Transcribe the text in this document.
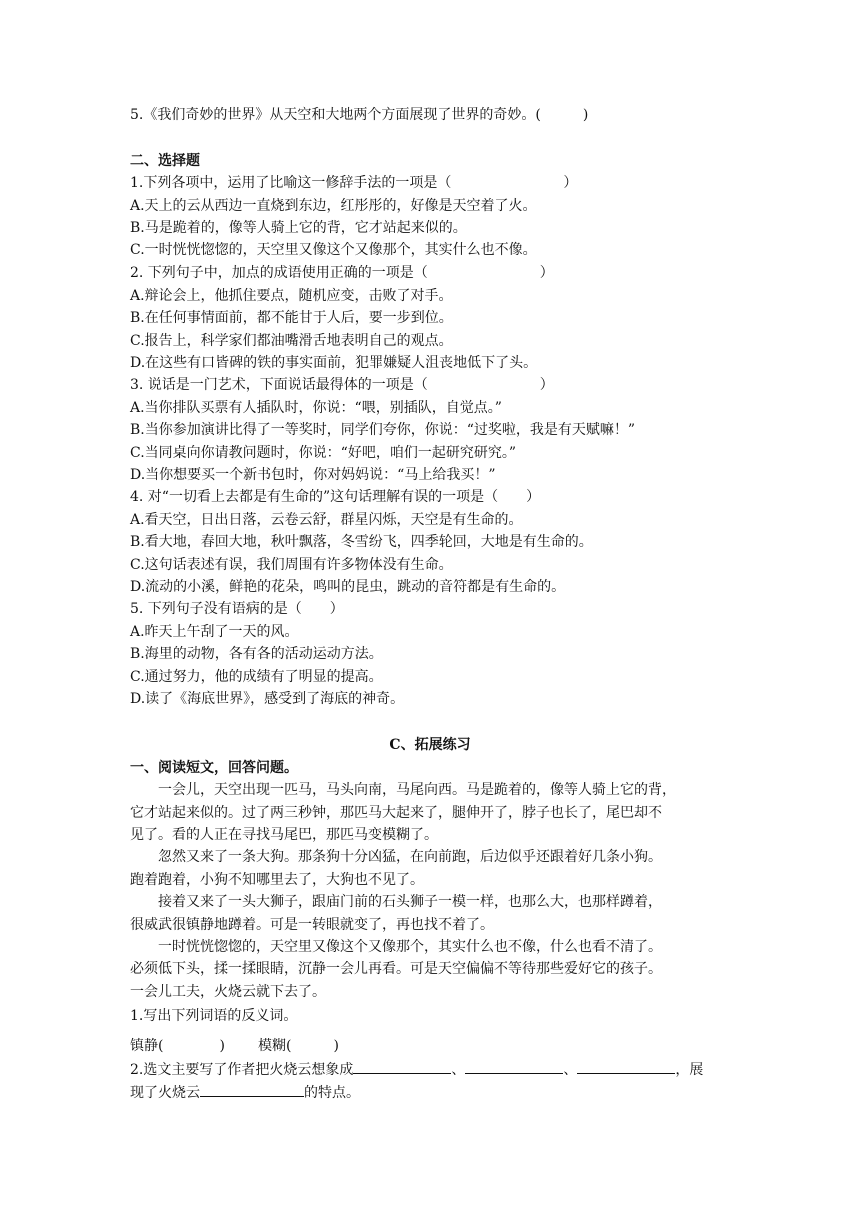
5.《我们奇妙的世界》从天空和大地两个方面展现了世界的奇妙。(　　　)
二、选择题
1.下列各项中，运用了比喻这一修辞手法的一项是（　　　　　　　　）
A.天上的云从西边一直烧到东边，红彤彤的，好像是天空着了火。
B.马是跪着的，像等人骑上它的背，它才站起来似的。
C.一时恍恍惚惚的，天空里又像这个又像那个，其实什么也不像。
2. 下列句子中，加点的成语使用正确的一项是（　　　　　　　　）
A.辩论会上，他抓住要点，随机应变，击败了对手。
B.在任何事情面前，都不能甘于人后，要一步到位。
C.报告上，科学家们都油嘴滑舌地表明自己的观点。
D.在这些有口皆碑的铁的事实面前，犯罪嫌疑人沮丧地低下了头。
3. 说话是一门艺术，下面说话最得体的一项是（　　　　　　　　）
A.当你排队买票有人插队时，你说：“喂，别插队，自觉点。”
B.当你参加演讲比得了一等奖时，同学们夸你，你说：“过奖啦，我是有天赋嘛！”
C.当同桌向你请教问题时，你说：“好吧，咱们一起研究研究。”
D.当你想要买一个新书包时，你对妈妈说：“马上给我买！”
4. 对“一切看上去都是有生命的”这句话理解有误的一项是（　　）
A.看天空，日出日落，云卷云舒，群星闪烁，天空是有生命的。
B.看大地，春回大地，秋叶飘落，冬雪纷飞，四季轮回，大地是有生命的。
C.这句话表述有误，我们周围有许多物体没有生命。
D.流动的小溪，鲜艳的花朵，鸣叫的昆虫，跳动的音符都是有生命的。
5. 下列句子没有语病的是（　　）
A.昨天上午刮了一天的风。
B.海里的动物，各有各的活动运动方法。
C.通过努力，他的成绩有了明显的提高。
D.读了《海底世界》，感受到了海底的神奇。
C、拓展练习
一、阅读短文，回答问题。
一会儿，天空出现一匹马，马头向南，马尾向西。马是跪着的，像等人骑上它的背，
它才站起来似的。过了两三秒钟，那匹马大起来了，腿伸开了，脖子也长了，尾巴却不
见了。看的人正在寻找马尾巴，那匹马变模糊了。
忽然又来了一条大狗。那条狗十分凶猛，在向前跑，后边似乎还跟着好几条小狗。
跑着跑着，小狗不知哪里去了，大狗也不见了。
接着又来了一头大狮子，跟庙门前的石头狮子一模一样，也那么大，也那样蹲着，
很威武很镇静地蹲着。可是一转眼就变了，再也找不着了。
一时恍恍惚惚的，天空里又像这个又像那个，其实什么也不像，什么也看不清了。
必须低下头，揉一揉眼睛，沉静一会儿再看。可是天空偏偏不等待那些爱好它的孩子。
一会儿工夫，火烧云就下去了。
1.写出下列词语的反义词。
镇静(　　　　) 模糊(　　　)
2.选文主要写了作者把火烧云想象成	、	、	，展
现了火烧云	的特点。
